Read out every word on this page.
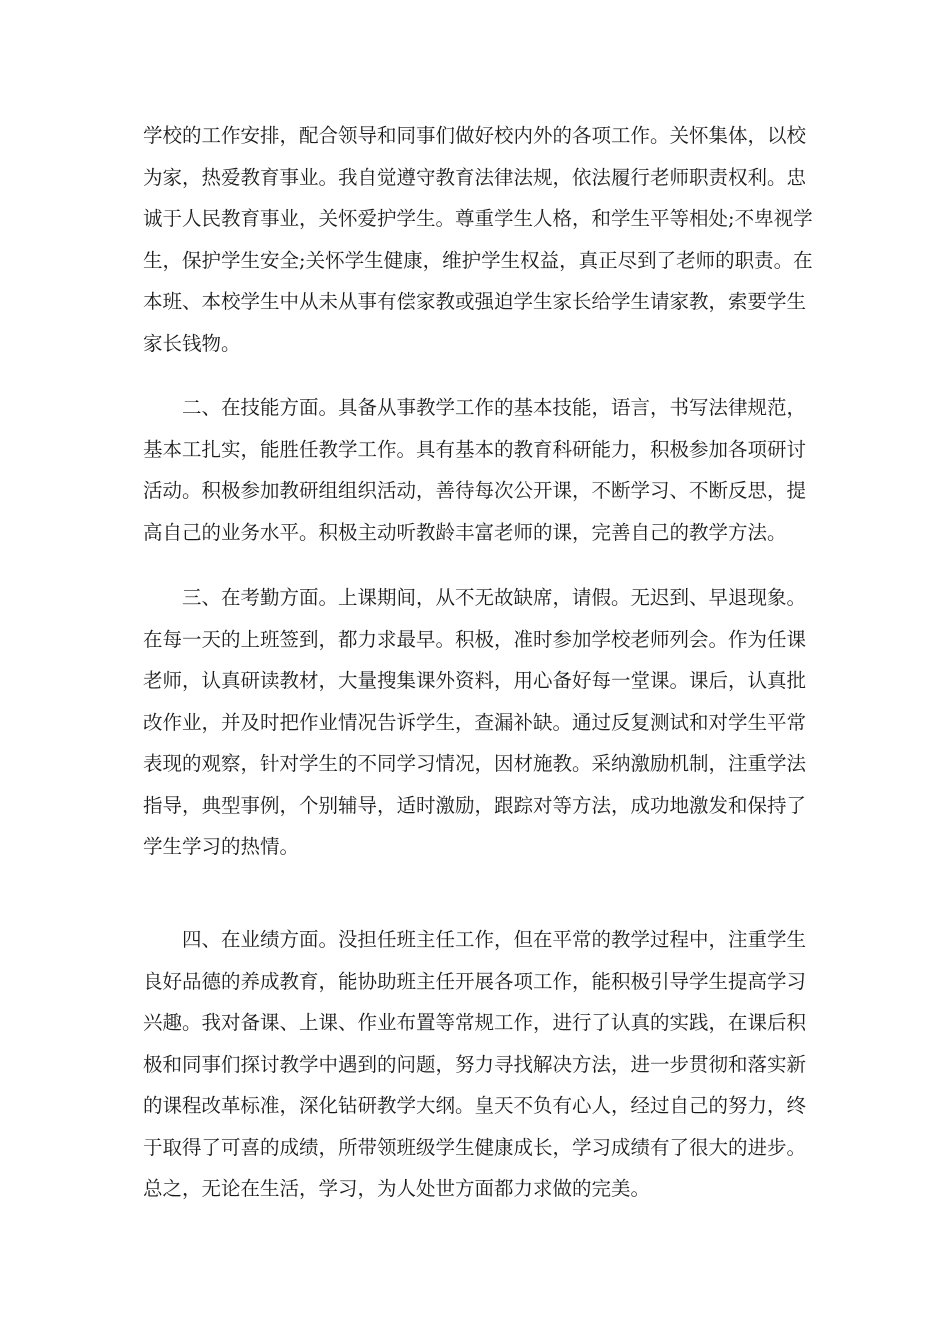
学校的工作安排，配合领导和同事们做好校内外的各项工作。关怀集体，以校
为家，热爱教育事业。我自觉遵守教育法律法规，依法履行老师职责权利。忠
诚于人民教育事业，关怀爱护学生。尊重学生人格，和学生平等相处;不卑视学
生，保护学生安全;关怀学生健康，维护学生权益，真正尽到了老师的职责。在
本班、本校学生中从未从事有偿家教或强迫学生家长给学生请家教，索要学生
家长钱物。

　　二、在技能方面。具备从事教学工作的基本技能，语言，书写法律规范，
基本工扎实，能胜任教学工作。具有基本的教育科研能力，积极参加各项研讨
活动。积极参加教研组组织活动，善待每次公开课，不断学习、不断反思，提
高自己的业务水平。积极主动听教龄丰富老师的课，完善自己的教学方法。

　　三、在考勤方面。上课期间，从不无故缺席，请假。无迟到、早退现象。
在每一天的上班签到，都力求最早。积极，准时参加学校老师列会。作为任课
老师，认真研读教材，大量搜集课外资料，用心备好每一堂课。课后，认真批
改作业，并及时把作业情况告诉学生，查漏补缺。通过反复测试和对学生平常
表现的观察，针对学生的不同学习情况，因材施教。采纳激励机制，注重学法
指导，典型事例，个别辅导，适时激励，跟踪对等方法，成功地激发和保持了
学生学习的热情。

　　四、在业绩方面。没担任班主任工作，但在平常的教学过程中，注重学生
良好品德的养成教育，能协助班主任开展各项工作，能积极引导学生提高学习
兴趣。我对备课、上课、作业布置等常规工作，进行了认真的实践，在课后积
极和同事们探讨教学中遇到的问题，努力寻找解决方法，进一步贯彻和落实新
的课程改革标准，深化钻研教学大纲。皇天不负有心人，经过自己的努力，终
于取得了可喜的成绩，所带领班级学生健康成长，学习成绩有了很大的进步。
总之，无论在生活，学习，为人处世方面都力求做的完美。
